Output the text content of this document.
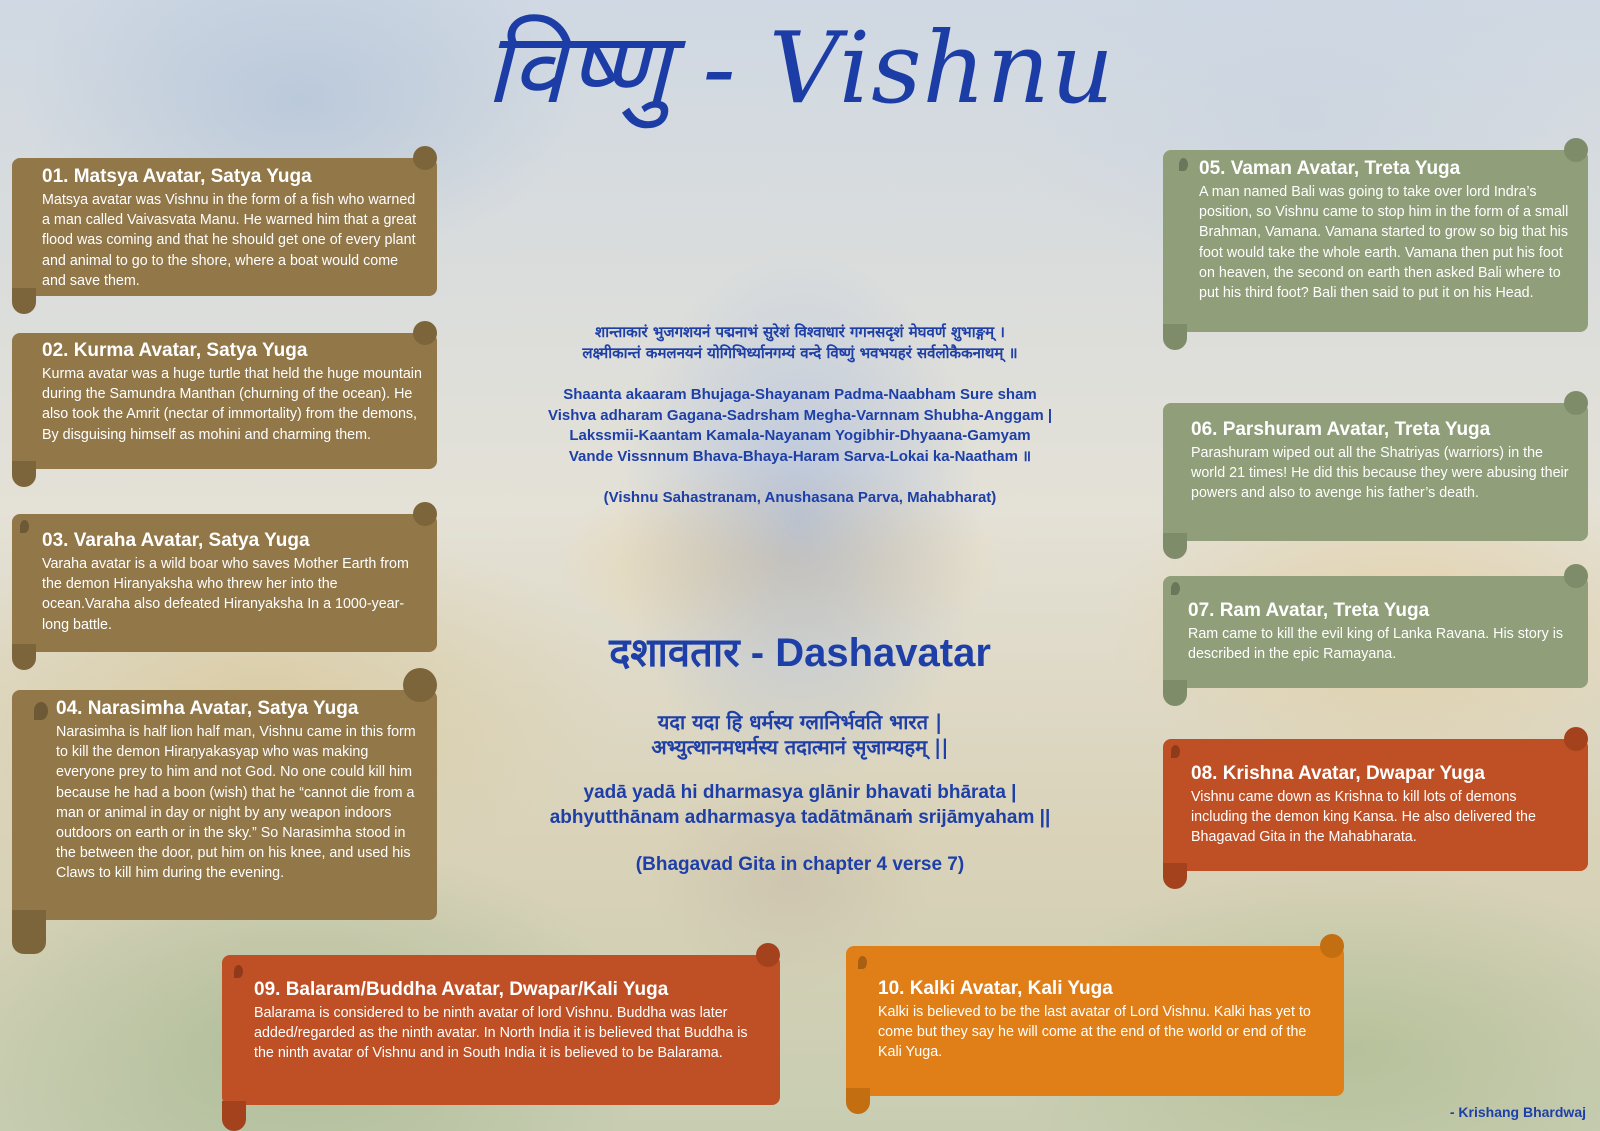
विष्णु - Vishnu
शान्ताकारं भुजगशयनं पद्मनाभं सुरेशं विश्वाधारं गगनसदृशं मेघवर्ण शुभाङ्गम् ।
लक्ष्मीकान्तं कमलनयनं योगिभिर्ध्यानगम्यं वन्दे विष्णुं भवभयहरं सर्वलोकैकनाथम् ॥
Shaanta akaaram Bhujaga-Shayanam Padma-Naabham Sure sham
Vishva adharam Gagana-Sadrsham Megha-Varnnam Shubha-Anggam |
Lakssmii-Kaantam Kamala-Nayanam Yogibhir-Dhyaana-Gamyam
Vande Vissnnum Bhava-Bhaya-Haram Sarva-Lokai ka-Naatham ॥
(Vishnu Sahastranam, Anushasana Parva, Mahabharat)
दशावतार - Dashavatar
यदा यदा हि धर्मस्य ग्लानिर्भवति भारत |
अभ्युत्थानमधर्मस्य तदात्मानं सृजाम्यहम् ||
yadā yadā hi dharmasya glānir bhavati bhārata |
abhyutthānam adharmasya tadātmānaṁ srijāmyaham ||
(Bhagavad Gita in chapter 4 verse 7)
01. Matsya Avatar, Satya Yuga

Matsya avatar was Vishnu in the form of a fish who warned a man called Vaivasvata Manu. He warned him that a great flood was coming and that he should get one of every plant and animal to go to the shore, where a boat would come and save them.

02. Kurma Avatar, Satya Yuga

Kurma avatar was a huge turtle that held the huge mountain during the Samundra Manthan (churning of the ocean). He also took the Amrit (nectar of immortality) from the demons, By disguising himself as mohini and charming them.

03. Varaha Avatar, Satya Yuga

Varaha avatar is a wild boar who saves Mother Earth from the demon Hiranyaksha who threw her into the ocean.Varaha also defeated Hiranyaksha In a 1000-year-long battle.

04. Narasimha Avatar, Satya Yuga

Narasimha is half lion half man, Vishnu came in this form to kill the demon Hiraṇyakasyap who was making everyone prey to him and not God. No one could kill him because he had a boon (wish) that he “cannot die from a man or animal in day or night by any weapon indoors outdoors on earth or in the sky.” So Narasimha stood in the between the door, put him on his knee, and used his Claws to kill him during the evening.

05. Vaman Avatar, Treta Yuga

A man named Bali was going to take over lord Indra’s position, so Vishnu came to stop him in the form of a small Brahman, Vamana. Vamana started to grow so big that his foot would take the whole earth. Vamana then put his foot on heaven, the second on earth then asked Bali where to put his third foot? Bali then said to put it on his Head.

06. Parshuram Avatar, Treta Yuga

Parashuram wiped out all the Shatriyas (warriors) in the world 21 times! He did this because they were abusing their powers and also to avenge his father’s death.

07. Ram Avatar, Treta Yuga

Ram came to kill the evil king of Lanka Ravana. His story is described in the epic Ramayana.

08. Krishna Avatar, Dwapar Yuga

Vishnu came down as Krishna to kill lots of demons including the demon king Kansa. He also delivered the Bhagavad Gita in the Mahabharata.

09. Balaram/Buddha Avatar, Dwapar/Kali Yuga

Balarama is considered to be ninth avatar of lord Vishnu. Buddha was later added/regarded as the ninth avatar. In North India it is believed that Buddha is the ninth avatar of Vishnu and in South India it is believed to be Balarama.

10. Kalki Avatar, Kali Yuga

Kalki is believed to be the last avatar of Lord Vishnu. Kalki has yet to come but they say he will come at the end of the world or end of the Kali Yuga.

- Krishang Bhardwaj
